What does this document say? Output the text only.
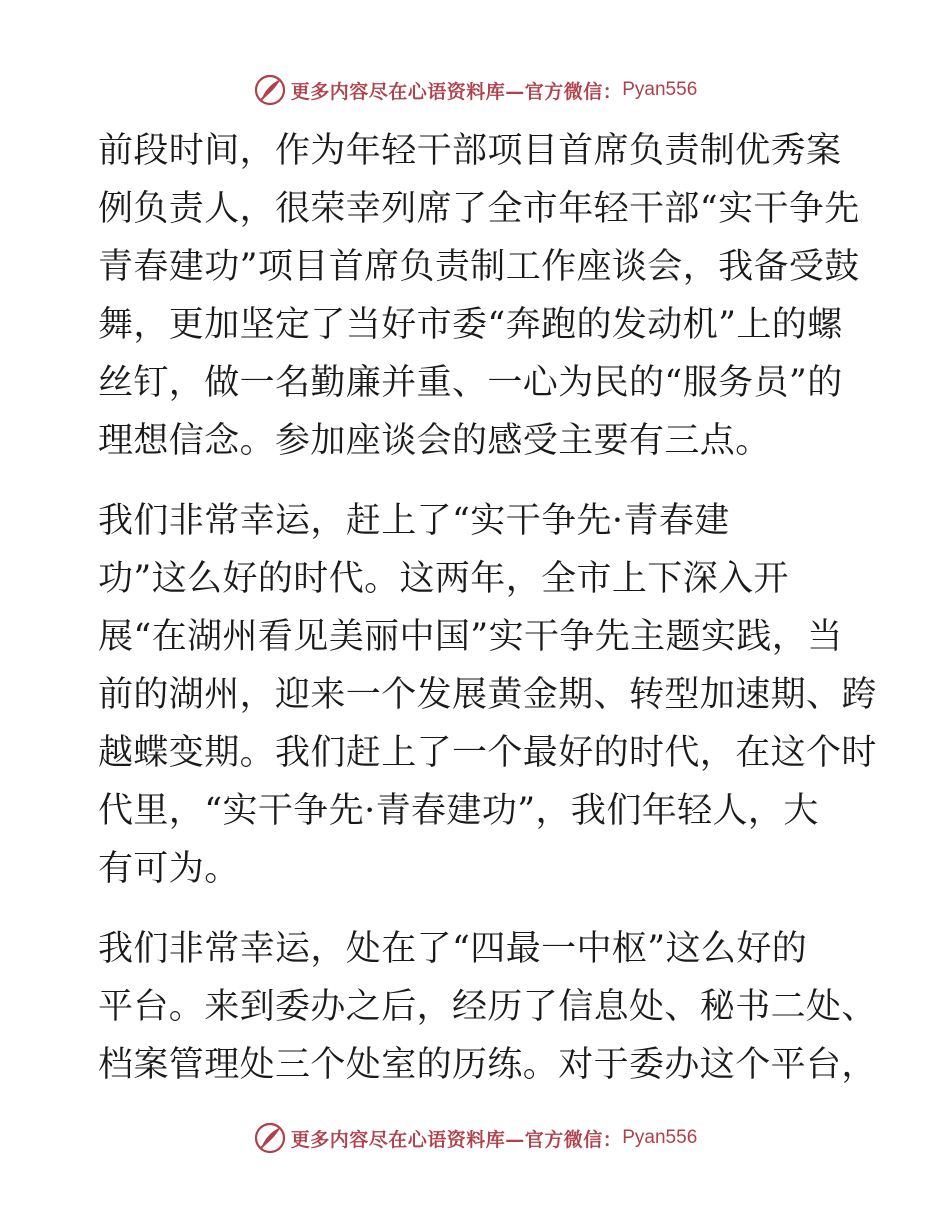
更多内容尽在心语资料库—官方微信： Pyan556

前段时间，作为年轻干部项目首席负责制优秀案
例负责人，很荣幸列席了全市年轻干部“实干争先
青春建功”项目首席负责制工作座谈会，我备受鼓
舞，更加坚定了当好市委“奔跑的发动机”上的螺
丝钉，做一名勤廉并重、一心为民的“服务员”的
理想信念。参加座谈会的感受主要有三点。

我们非常幸运，赶上了“实干争先·青春建
功”这么好的时代。这两年，全市上下深入开
展“在湖州看见美丽中国”实干争先主题实践，当
前的湖州，迎来一个发展黄金期、转型加速期、跨
越蝶变期。我们赶上了一个最好的时代，在这个时
代里，“实干争先·青春建功”，我们年轻人，大
有可为。

我们非常幸运，处在了“四最一中枢”这么好的
平台。来到委办之后，经历了信息处、秘书二处、
档案管理处三个处室的历练。对于委办这个平台，

更多内容尽在心语资料库—官方微信： Pyan556
